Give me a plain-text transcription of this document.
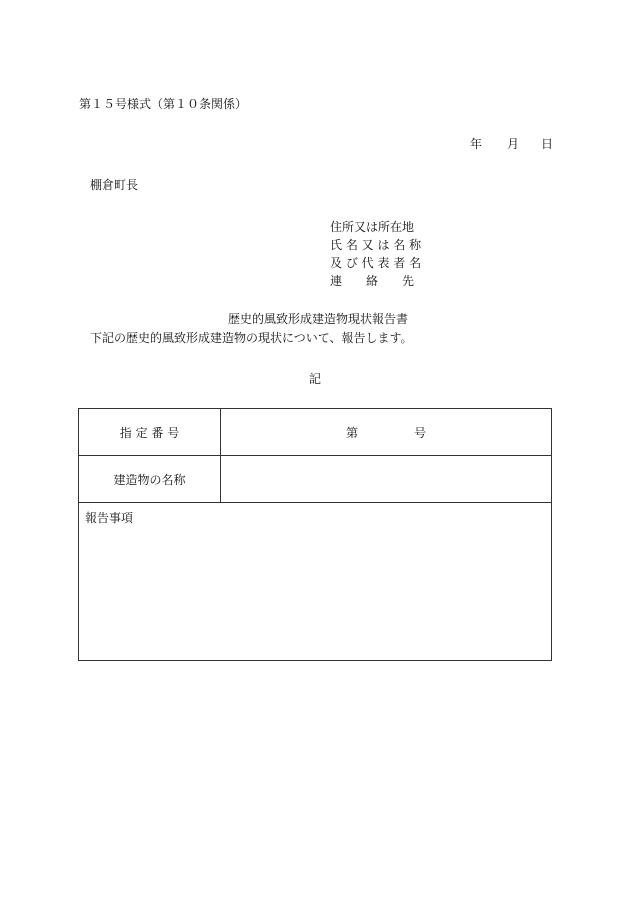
第１５号様式（第１０条関係）
年 月 日
棚倉町長
住所又は所在地
氏 名 又 は 名 称
及 び 代 表 者 名
連　　絡　　先
歴史的風致形成建造物現状報告書
下記の歴史的風致形成建造物の現状について、報告します。
記
指 定 番 号	第 号
建造物の名称	
報告事項	
